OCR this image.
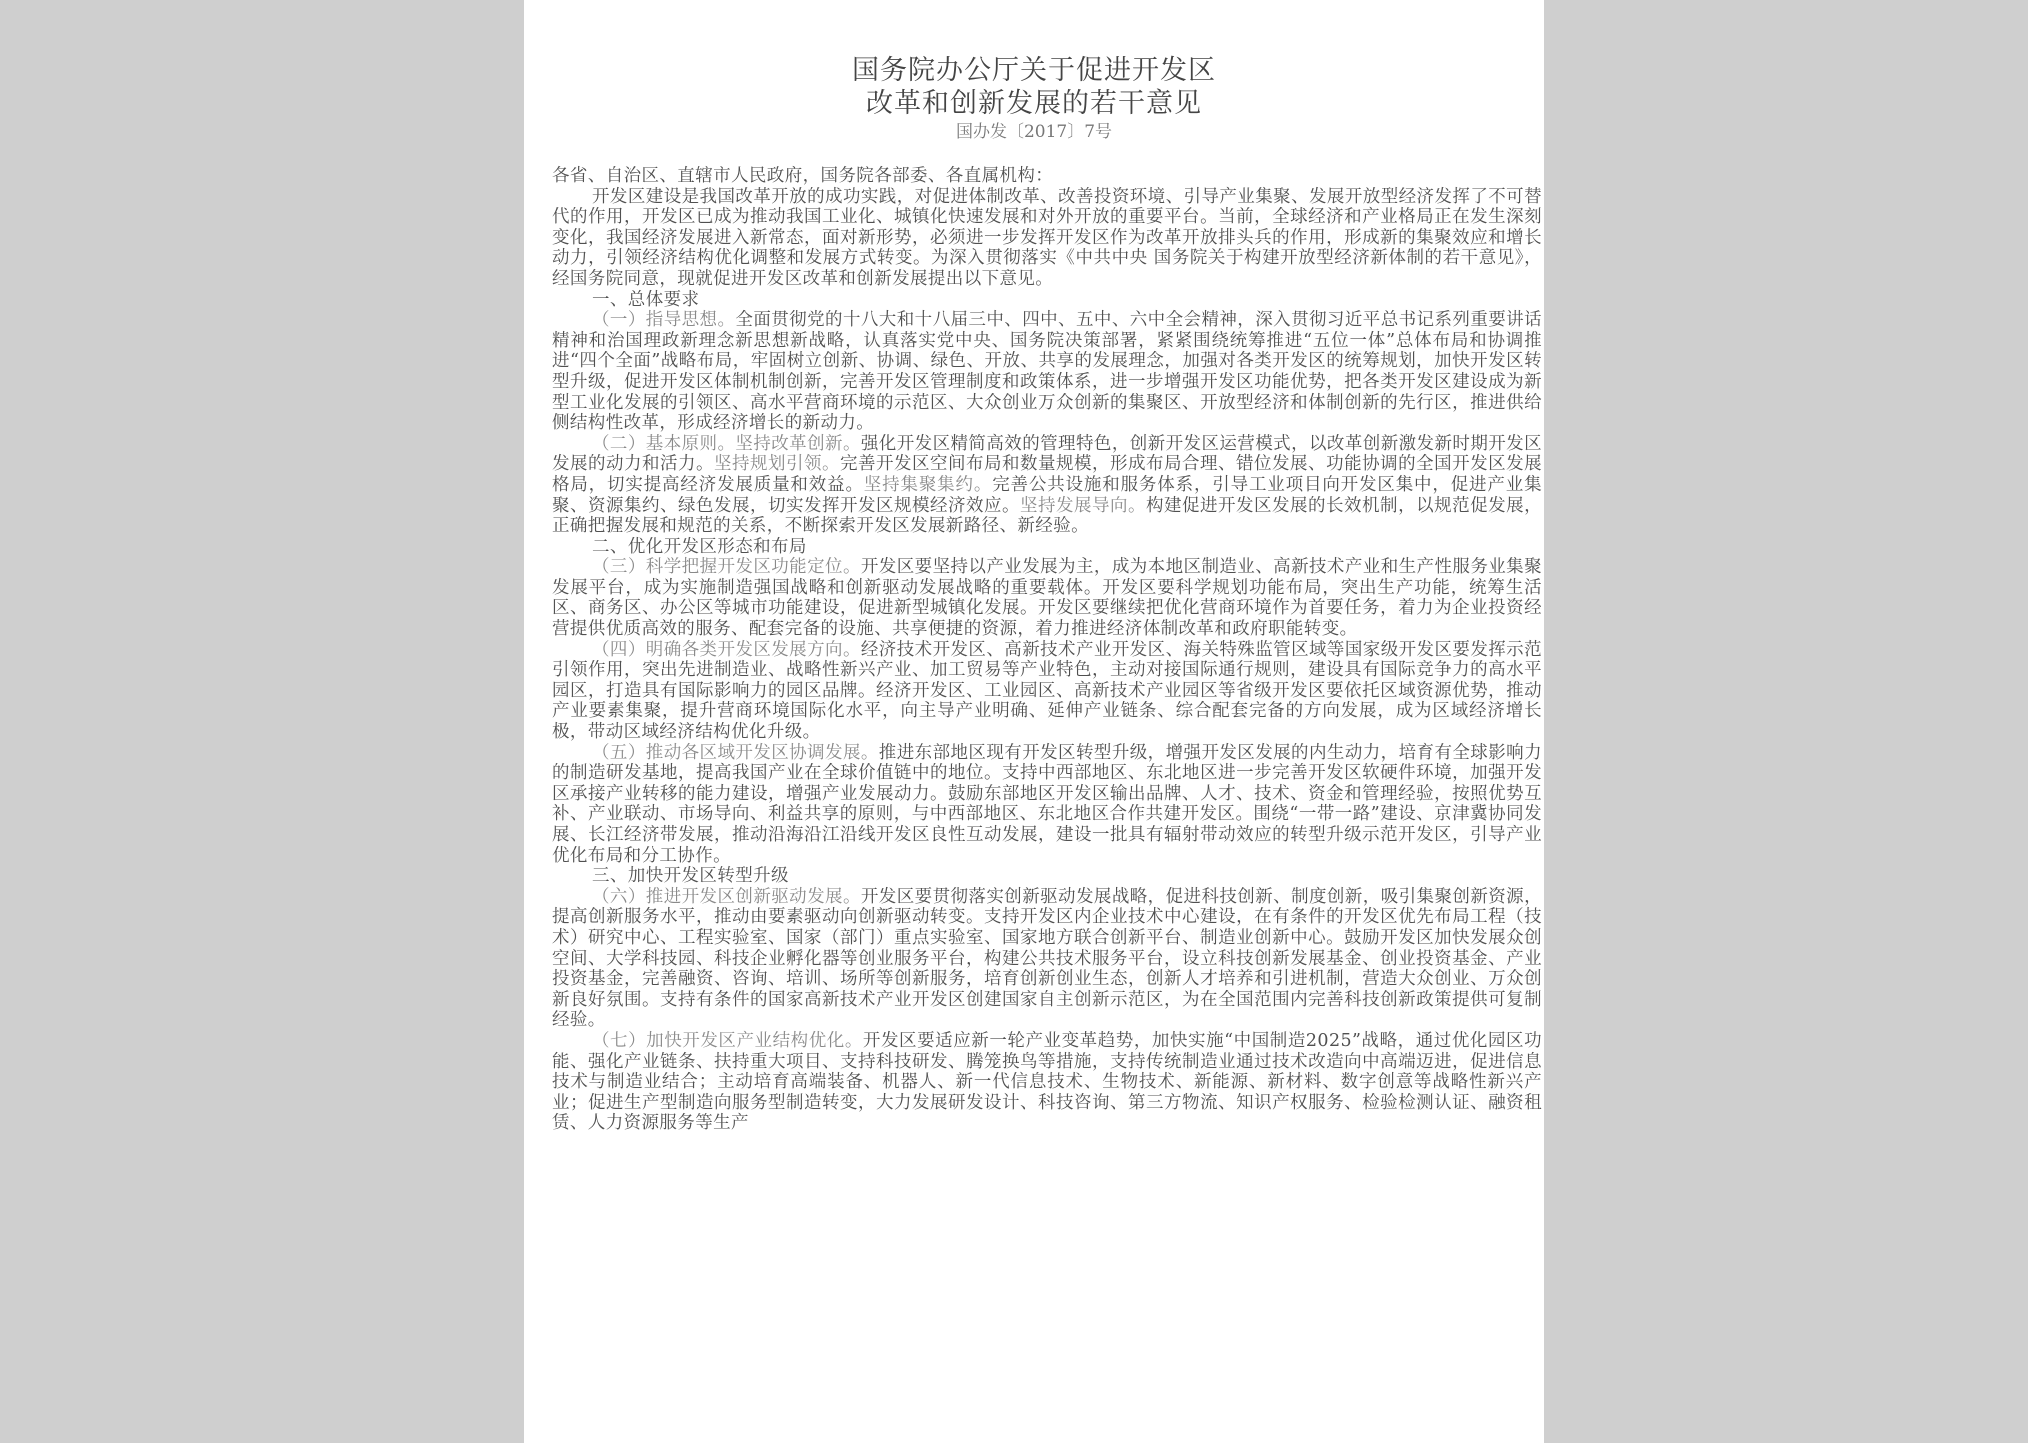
国务院办公厅关于促进开发区
改革和创新发展的若干意见
国办发〔2017〕7号

各省、自治区、直辖市人民政府，国务院各部委、各直属机构：

开发区建设是我国改革开放的成功实践，对促进体制改革、改善投资环境、引导产业集聚、发展开放型经济发挥了不可替代的作用，开发区已成为推动我国工业化、城镇化快速发展和对外开放的重要平台。当前，全球经济和产业格局正在发生深刻变化，我国经济发展进入新常态，面对新形势，必须进一步发挥开发区作为改革开放排头兵的作用，形成新的集聚效应和增长动力，引领经济结构优化调整和发展方式转变。为深入贯彻落实《中共中央 国务院关于构建开放型经济新体制的若干意见》，经国务院同意，现就促进开发区改革和创新发展提出以下意见。

一、总体要求

（一）指导思想。全面贯彻党的十八大和十八届三中、四中、五中、六中全会精神，深入贯彻习近平总书记系列重要讲话精神和治国理政新理念新思想新战略，认真落实党中央、国务院决策部署，紧紧围绕统筹推进“五位一体”总体布局和协调推进“四个全面”战略布局，牢固树立创新、协调、绿色、开放、共享的发展理念，加强对各类开发区的统筹规划，加快开发区转型升级，促进开发区体制机制创新，完善开发区管理制度和政策体系，进一步增强开发区功能优势，把各类开发区建设成为新型工业化发展的引领区、高水平营商环境的示范区、大众创业万众创新的集聚区、开放型经济和体制创新的先行区，推进供给侧结构性改革，形成经济增长的新动力。

（二）基本原则。坚持改革创新。强化开发区精简高效的管理特色，创新开发区运营模式，以改革创新激发新时期开发区发展的动力和活力。坚持规划引领。完善开发区空间布局和数量规模，形成布局合理、错位发展、功能协调的全国开发区发展格局，切实提高经济发展质量和效益。坚持集聚集约。完善公共设施和服务体系，引导工业项目向开发区集中，促进产业集聚、资源集约、绿色发展，切实发挥开发区规模经济效应。坚持发展导向。构建促进开发区发展的长效机制，以规范促发展，正确把握发展和规范的关系，不断探索开发区发展新路径、新经验。

二、优化开发区形态和布局

（三）科学把握开发区功能定位。开发区要坚持以产业发展为主，成为本地区制造业、高新技术产业和生产性服务业集聚发展平台，成为实施制造强国战略和创新驱动发展战略的重要载体。开发区要科学规划功能布局，突出生产功能，统筹生活区、商务区、办公区等城市功能建设，促进新型城镇化发展。开发区要继续把优化营商环境作为首要任务，着力为企业投资经营提供优质高效的服务、配套完备的设施、共享便捷的资源，着力推进经济体制改革和政府职能转变。

（四）明确各类开发区发展方向。经济技术开发区、高新技术产业开发区、海关特殊监管区域等国家级开发区要发挥示范引领作用，突出先进制造业、战略性新兴产业、加工贸易等产业特色，主动对接国际通行规则，建设具有国际竞争力的高水平园区，打造具有国际影响力的园区品牌。经济开发区、工业园区、高新技术产业园区等省级开发区要依托区域资源优势，推动产业要素集聚，提升营商环境国际化水平，向主导产业明确、延伸产业链条、综合配套完备的方向发展，成为区域经济增长极，带动区域经济结构优化升级。

（五）推动各区域开发区协调发展。推进东部地区现有开发区转型升级，增强开发区发展的内生动力，培育有全球影响力的制造研发基地，提高我国产业在全球价值链中的地位。支持中西部地区、东北地区进一步完善开发区软硬件环境，加强开发区承接产业转移的能力建设，增强产业发展动力。鼓励东部地区开发区输出品牌、人才、技术、资金和管理经验，按照优势互补、产业联动、市场导向、利益共享的原则，与中西部地区、东北地区合作共建开发区。围绕“一带一路”建设、京津冀协同发展、长江经济带发展，推动沿海沿江沿线开发区良性互动发展，建设一批具有辐射带动效应的转型升级示范开发区，引导产业优化布局和分工协作。

三、加快开发区转型升级

（六）推进开发区创新驱动发展。开发区要贯彻落实创新驱动发展战略，促进科技创新、制度创新，吸引集聚创新资源，提高创新服务水平，推动由要素驱动向创新驱动转变。支持开发区内企业技术中心建设，在有条件的开发区优先布局工程（技术）研究中心、工程实验室、国家（部门）重点实验室、国家地方联合创新平台、制造业创新中心。鼓励开发区加快发展众创空间、大学科技园、科技企业孵化器等创业服务平台，构建公共技术服务平台，设立科技创新发展基金、创业投资基金、产业投资基金，完善融资、咨询、培训、场所等创新服务，培育创新创业生态，创新人才培养和引进机制，营造大众创业、万众创新良好氛围。支持有条件的国家高新技术产业开发区创建国家自主创新示范区，为在全国范围内完善科技创新政策提供可复制经验。

（七）加快开发区产业结构优化。开发区要适应新一轮产业变革趋势，加快实施“中国制造2025”战略，通过优化园区功能、强化产业链条、扶持重大项目、支持科技研发、腾笼换鸟等措施，支持传统制造业通过技术改造向中高端迈进，促进信息技术与制造业结合；主动培育高端装备、机器人、新一代信息技术、生物技术、新能源、新材料、数字创意等战略性新兴产业；促进生产型制造向服务型制造转变，大力发展研发设计、科技咨询、第三方物流、知识产权服务、检验检测认证、融资租赁、人力资源服务等生产
